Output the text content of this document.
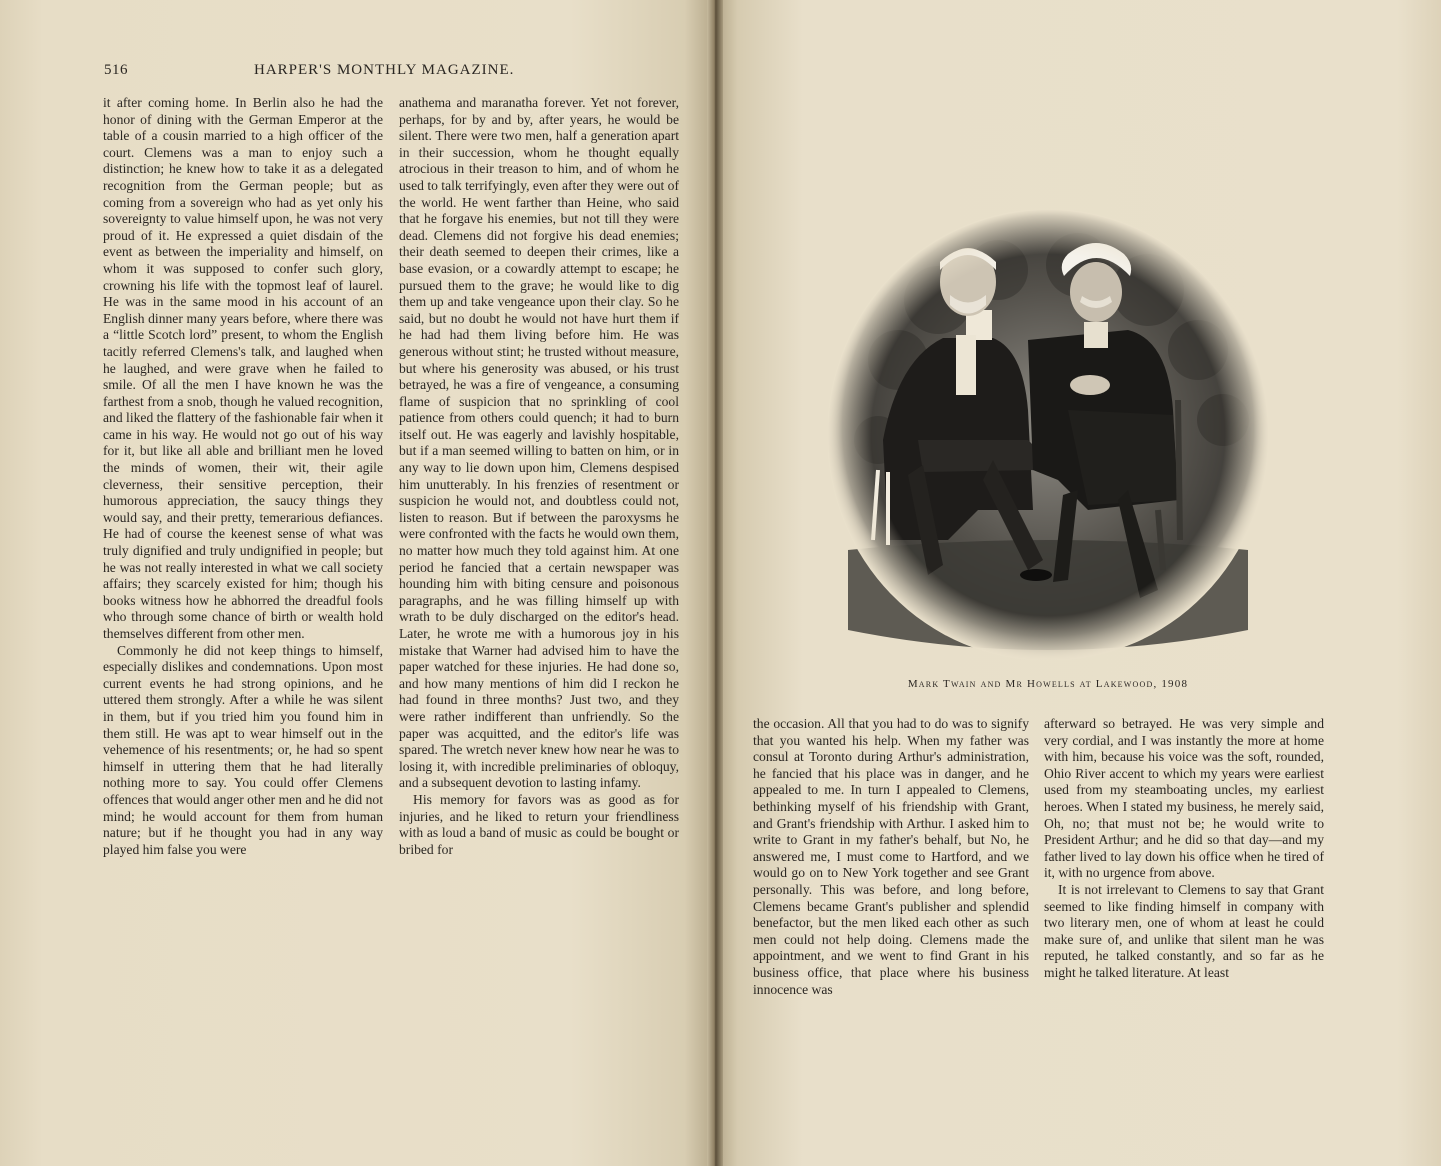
516	HARPER'S MONTHLY MAGAZINE.

it after coming home. In Berlin also he had the honor of dining with the German Emperor at the table of a cousin married to a high officer of the court. Clemens was a man to enjoy such a distinction; he knew how to take it as a delegated recognition from the German people; but as coming from a sovereign who had as yet only his sovereignty to value himself upon, he was not very proud of it. He expressed a quiet disdain of the event as between the imperiality and himself, on whom it was supposed to confer such glory, crowning his life with the topmost leaf of laurel. He was in the same mood in his account of an English dinner many years before, where there was a “little Scotch lord” present, to whom the English tacitly referred Clemens's talk, and laughed when he laughed, and were grave when he failed to smile. Of all the men I have known he was the farthest from a snob, though he valued recognition, and liked the flattery of the fashionable fair when it came in his way. He would not go out of his way for it, but like all able and brilliant men he loved the minds of women, their wit, their agile cleverness, their sensitive perception, their humorous appreciation, the saucy things they would say, and their pretty, temerarious defiances. He had of course the keenest sense of what was truly dignified and truly undignified in people; but he was not really interested in what we call society affairs; they scarcely existed for him; though his books witness how he abhorred the dreadful fools who through some chance of birth or wealth hold themselves different from other men.

Commonly he did not keep things to himself, especially dislikes and condemnations. Upon most current events he had strong opinions, and he uttered them strongly. After a while he was silent in them, but if you tried him you found him in them still. He was apt to wear himself out in the vehemence of his resentments; or, he had so spent himself in uttering them that he had literally nothing more to say. You could offer Clemens offences that would anger other men and he did not mind; he would account for them from human nature; but if he thought you had in any way played him false you were

anathema and maranatha forever. Yet not forever, perhaps, for by and by, after years, he would be silent. There were two men, half a generation apart in their succession, whom he thought equally atrocious in their treason to him, and of whom he used to talk terrifyingly, even after they were out of the world. He went farther than Heine, who said that he forgave his enemies, but not till they were dead. Clemens did not forgive his dead enemies; their death seemed to deepen their crimes, like a base evasion, or a cowardly attempt to escape; he pursued them to the grave; he would like to dig them up and take vengeance upon their clay. So he said, but no doubt he would not have hurt them if he had had them living before him. He was generous without stint; he trusted without measure, but where his generosity was abused, or his trust betrayed, he was a fire of vengeance, a consuming flame of suspicion that no sprinkling of cool patience from others could quench; it had to burn itself out. He was eagerly and lavishly hospitable, but if a man seemed willing to batten on him, or in any way to lie down upon him, Clemens despised him unutterably. In his frenzies of resentment or suspicion he would not, and doubtless could not, listen to reason. But if between the paroxysms he were confronted with the facts he would own them, no matter how much they told against him. At one period he fancied that a certain newspaper was hounding him with biting censure and poisonous paragraphs, and he was filling himself up with wrath to be duly discharged on the editor's head. Later, he wrote me with a humorous joy in his mistake that Warner had advised him to have the paper watched for these injuries. He had done so, and how many mentions of him did I reckon he had found in three months? Just two, and they were rather indifferent than unfriendly. So the paper was acquitted, and the editor's life was spared. The wretch never knew how near he was to losing it, with incredible preliminaries of obloquy, and a subsequent devotion to lasting infamy.

His memory for favors was as good as for injuries, and he liked to return your friendliness with as loud a band of music as could be bought or bribed for

Mark Twain and Mr Howells at Lakewood, 1908

the occasion. All that you had to do was to signify that you wanted his help. When my father was consul at Toronto during Arthur's administration, he fancied that his place was in danger, and he appealed to me. In turn I appealed to Clemens, bethinking myself of his friendship with Grant, and Grant's friendship with Arthur. I asked him to write to Grant in my father's behalf, but No, he answered me, I must come to Hartford, and we would go on to New York together and see Grant personally. This was before, and long before, Clemens became Grant's publisher and splendid benefactor, but the men liked each other as such men could not help doing. Clemens made the appointment, and we went to find Grant in his business office, that place where his business innocence was

afterward so betrayed. He was very simple and very cordial, and I was instantly the more at home with him, because his voice was the soft, rounded, Ohio River accent to which my years were earliest used from my steamboating uncles, my earliest heroes. When I stated my business, he merely said, Oh, no; that must not be; he would write to President Arthur; and he did so that day—and my father lived to lay down his office when he tired of it, with no urgence from above.

It is not irrelevant to Clemens to say that Grant seemed to like finding himself in company with two literary men, one of whom at least he could make sure of, and unlike that silent man he was reputed, he talked constantly, and so far as he might he talked literature. At least
